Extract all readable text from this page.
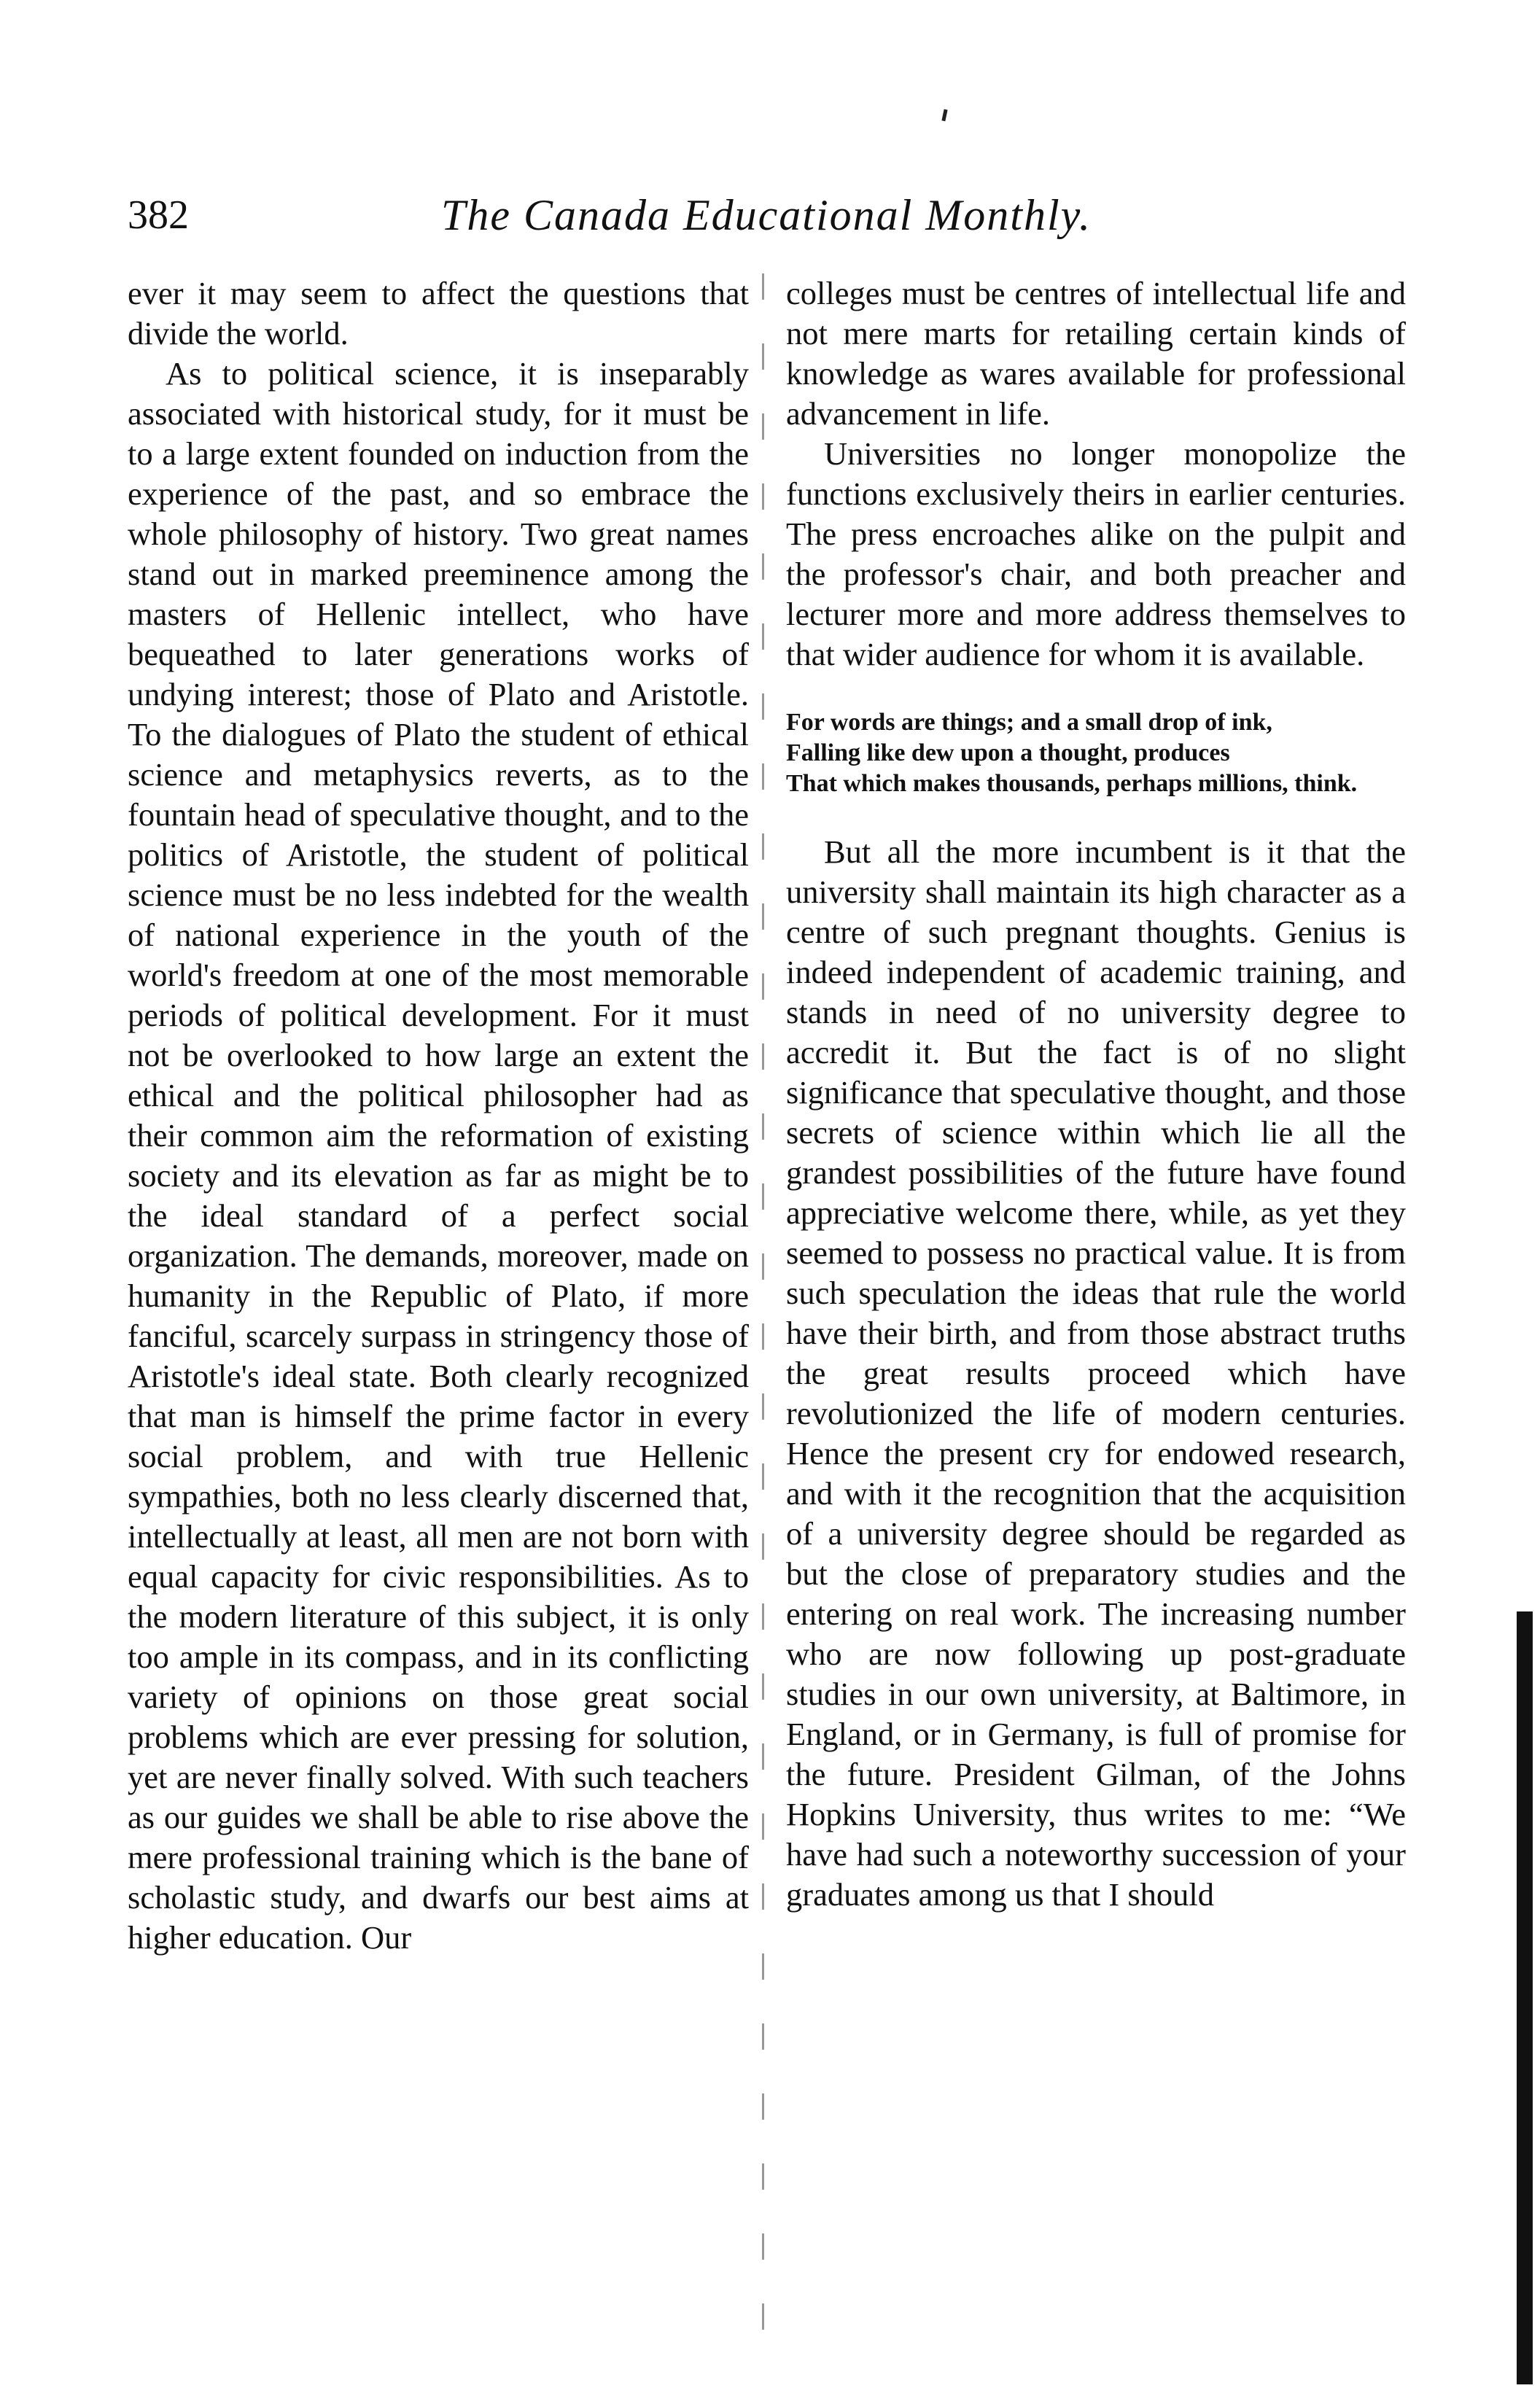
382	The Canada Educational Monthly.

ever it may seem to affect the questions that divide the world.

As to political science, it is inseparably associated with historical study, for it must be to a large extent founded on induction from the experience of the past, and so embrace the whole philosophy of history. Two great names stand out in marked preeminence among the masters of Hellenic intellect, who have bequeathed to later generations works of undying interest; those of Plato and Aristotle. To the dialogues of Plato the student of ethical science and metaphysics reverts, as to the fountain head of speculative thought, and to the politics of Aristotle, the student of political science must be no less indebted for the wealth of national experience in the youth of the world's freedom at one of the most memorable periods of political development. For it must not be overlooked to how large an extent the ethical and the political philosopher had as their common aim the reformation of existing society and its elevation as far as might be to the ideal standard of a perfect social organization. The demands, moreover, made on humanity in the Republic of Plato, if more fanciful, scarcely surpass in stringency those of Aristotle's ideal state. Both clearly recognized that man is himself the prime factor in every social problem, and with true Hellenic sympathies, both no less clearly discerned that, intellectually at least, all men are not born with equal capacity for civic responsibilities. As to the modern literature of this subject, it is only too ample in its compass, and in its conflicting variety of opinions on those great social problems which are ever pressing for solution, yet are never finally solved. With such teachers as our guides we shall be able to rise above the mere professional training which is the bane of scholastic study, and dwarfs our best aims at higher education. Our

colleges must be centres of intellectual life and not mere marts for retailing certain kinds of knowledge as wares available for professional advancement in life.

Universities no longer monopolize the functions exclusively theirs in earlier centuries. The press encroaches alike on the pulpit and the professor's chair, and both preacher and lecturer more and more address themselves to that wider audience for whom it is available.

For words are things; and a small drop of ink,
Falling like dew upon a thought, produces
That which makes thousands, perhaps millions, think.

But all the more incumbent is it that the university shall maintain its high character as a centre of such pregnant thoughts. Genius is indeed independent of academic training, and stands in need of no university degree to accredit it. But the fact is of no slight significance that speculative thought, and those secrets of science within which lie all the grandest possibilities of the future have found appreciative welcome there, while, as yet they seemed to possess no practical value. It is from such speculation the ideas that rule the world have their birth, and from those abstract truths the great results proceed which have revolutionized the life of modern centuries. Hence the present cry for endowed research, and with it the recognition that the acquisition of a university degree should be regarded as but the close of preparatory studies and the entering on real work. The increasing number who are now following up post-graduate studies in our own university, at Baltimore, in England, or in Germany, is full of promise for the future. President Gilman, of the Johns Hopkins University, thus writes to me: “We have had such a noteworthy succession of your graduates among us that I should
